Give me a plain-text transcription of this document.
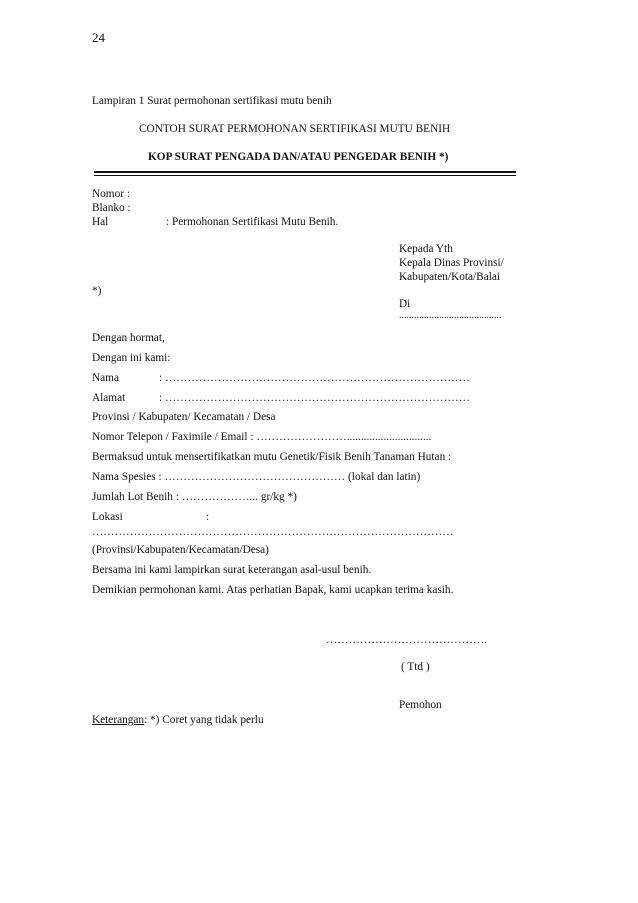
24
Lampiran 1 Surat permohonan sertifikasi mutu benih
CONTOH SURAT PERMOHONAN SERTIFIKASI MUTU BENIH
KOP SURAT PENGADA DAN/ATAU PENGEDAR BENIH *)
Nomor :
Blanko :
Hal	: Permohonan Sertifikasi Mutu Benih.
Kepada Yth
Kepala Dinas Provinsi/
Kabupaten/Kota/Balai
*)
Di
.........................................
Dengan hormat,
Dengan ini kami:
Nama	: ………………………………………………………………………
Alamat	: ………………………………………………………………………
Provinsi / Kabupaten/ Kecamatan / Desa
Nomor Telepon / Faximile / Email : ……………………..............................
Bermaksud untuk mensertifikatkan mutu Genetik/Fisik Benih Tanaman Hutan :
Nama Spesies : ………………………………………… (lokal dan latin)
Jumlah Lot Benih : ………………... gr/kg *)
Lokasi	:
……………………………………………………………………………………
(Provinsi/Kabupaten/Kecamatan/Desa)
Bersama ini kami lampirkan surat keterangan asal-usul benih.
Demikian permohonan kami. Atas perhatian Bapak, kami ucapkan terima kasih.
…………………………………….
( Ttd )
Pemohon
Keterangan: *) Coret yang tidak perlu
